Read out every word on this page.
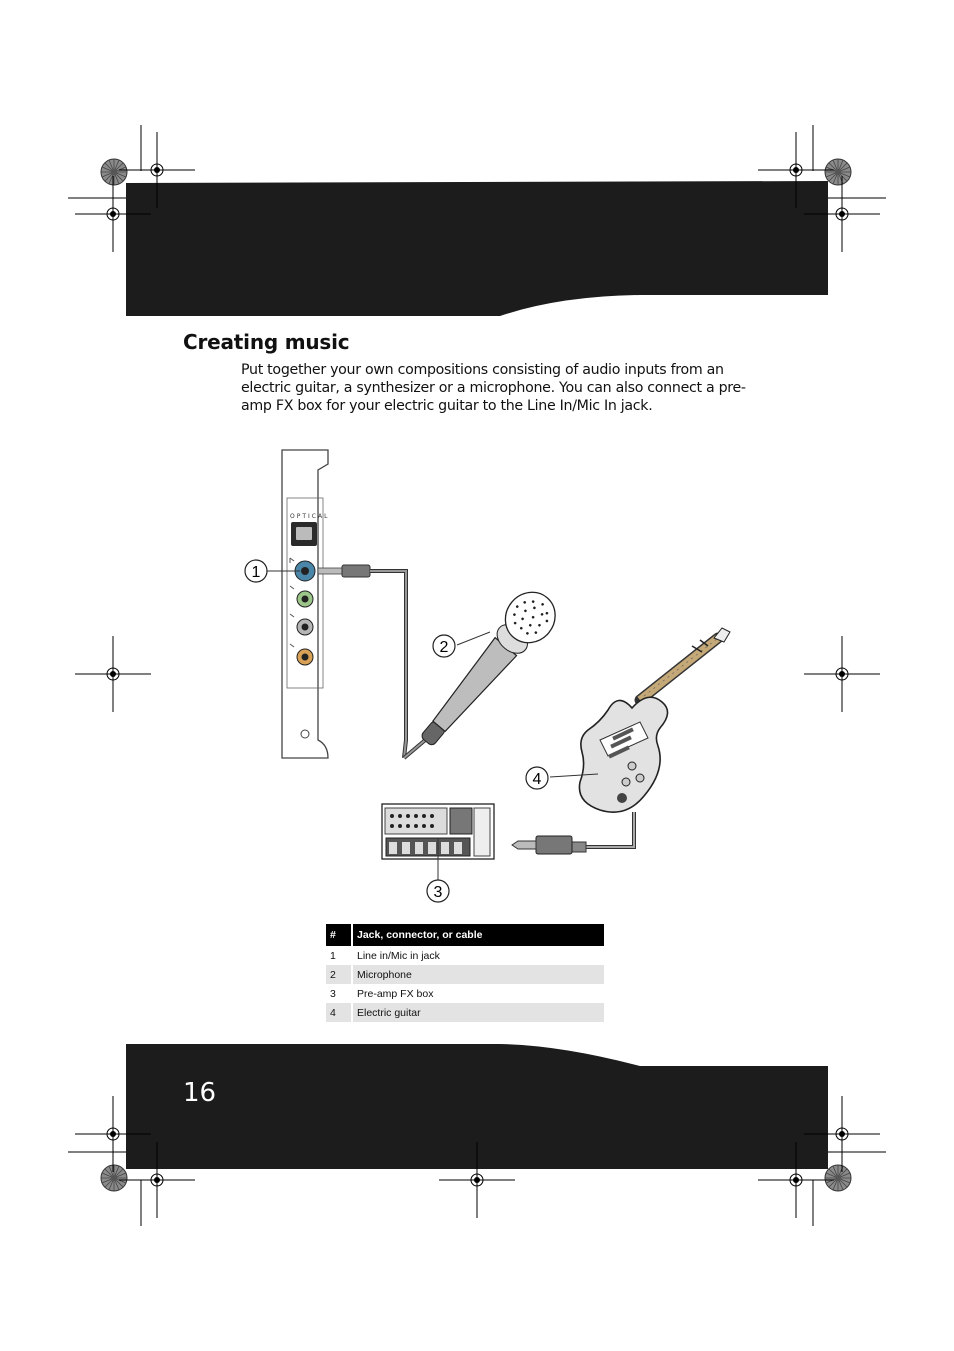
Creating music
Put together your own compositions consisting of audio inputs from an electric guitar, a synthesizer or a microphone. You can also connect a pre-amp FX box for your electric guitar to the Line In/Mic In jack.
OPTICAL
1
2
3
4
#	Jack, connector, or cable
1	Line in/Mic in jack
2	Microphone
3	Pre-amp FX box
4	Electric guitar
16
